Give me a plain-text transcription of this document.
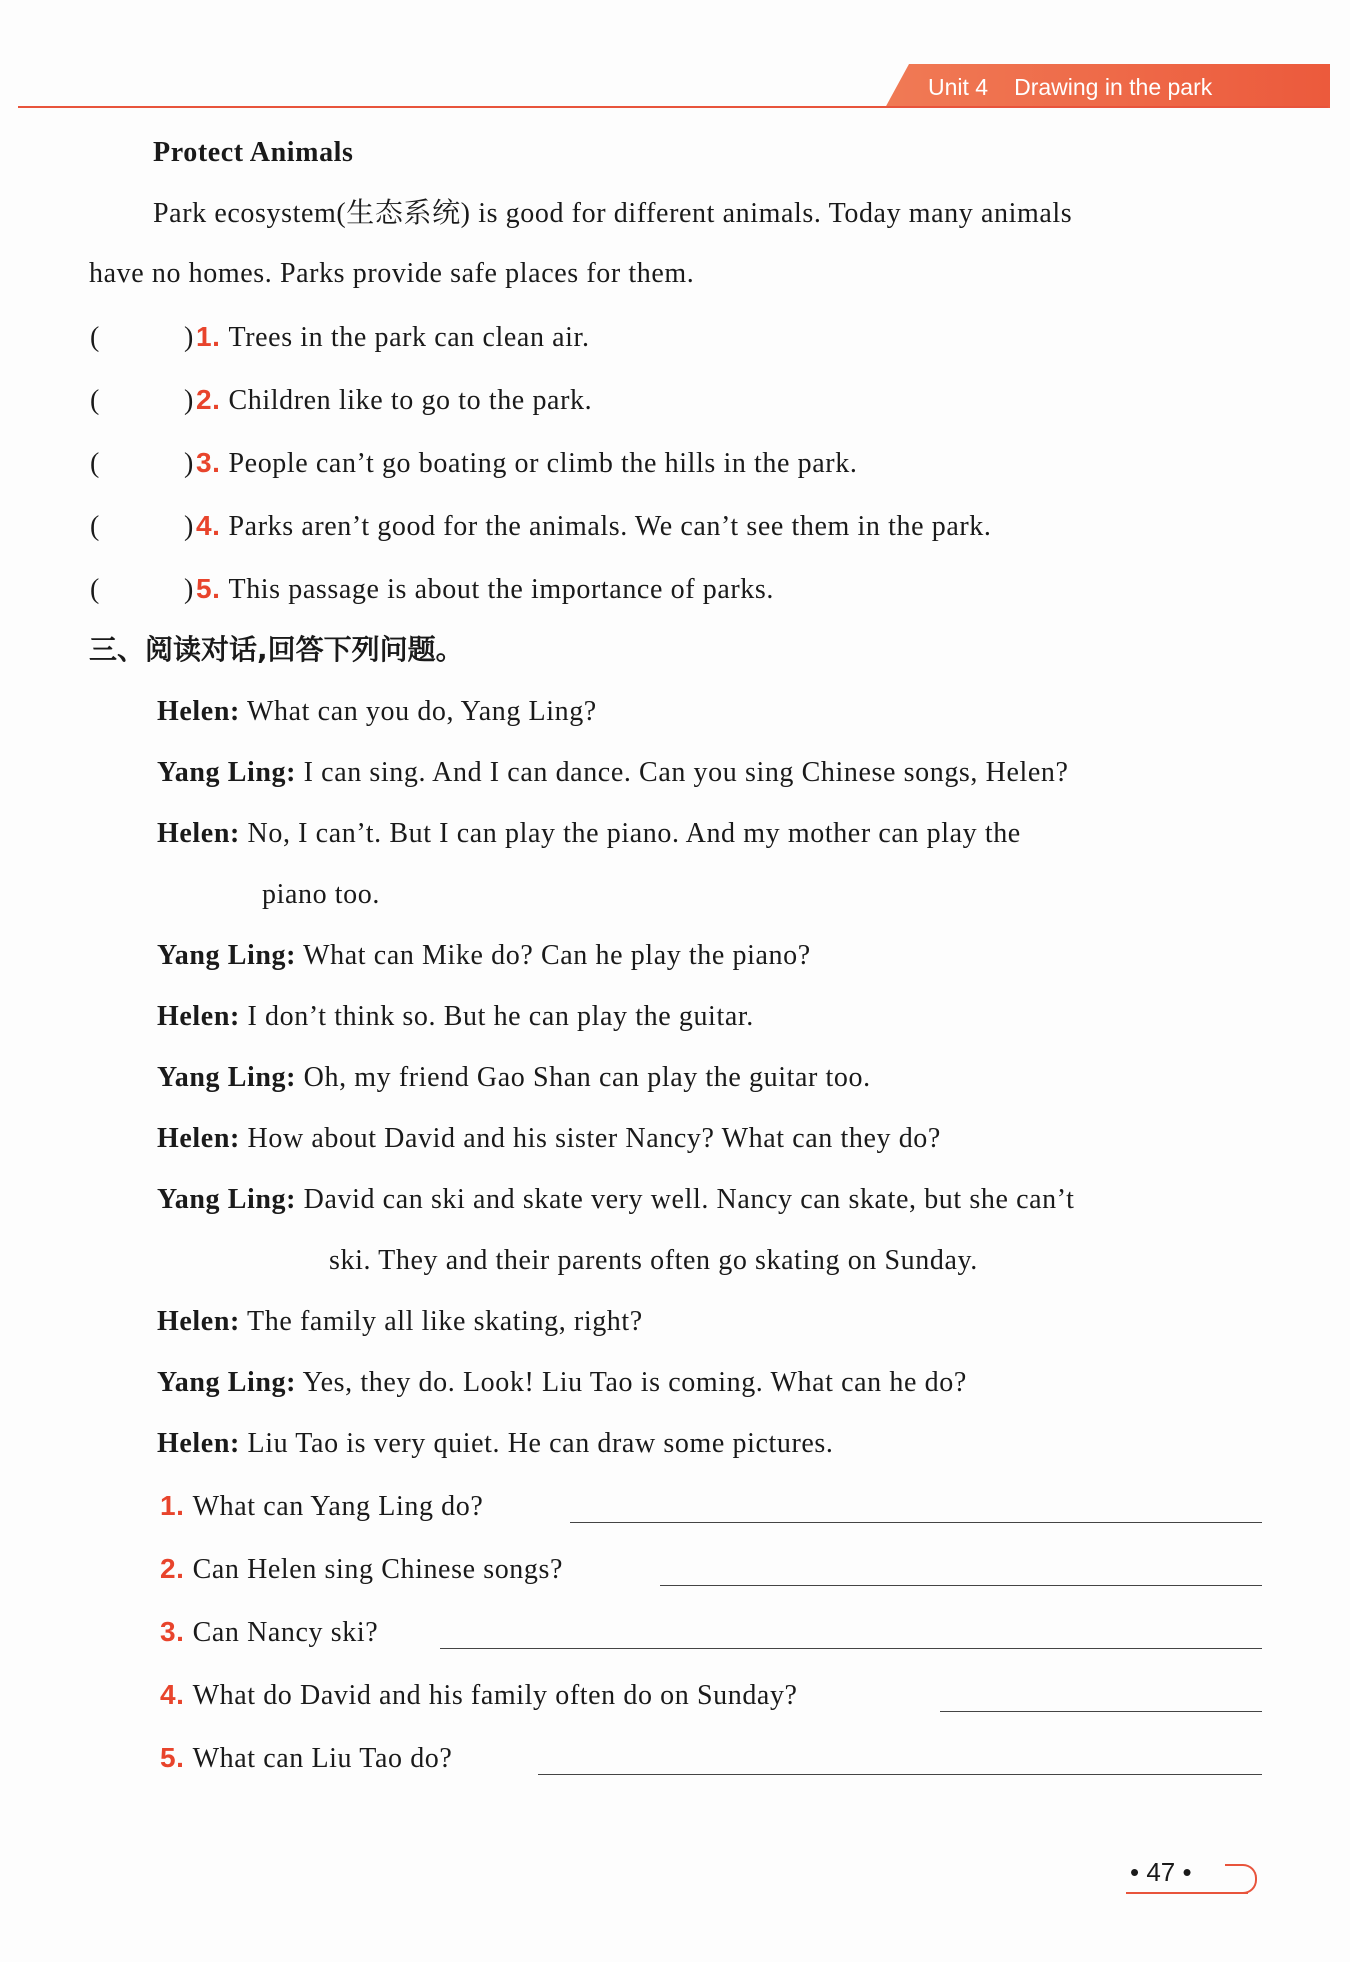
Unit 4 Drawing in the park
Protect Animals
Park ecosystem(生态系统) is good for different animals. Today many animals
have no homes. Parks provide safe places for them.
(	)1. Trees in the park can clean air.
(	)2. Children like to go to the park.
(	)3. People can’t go boating or climb the hills in the park.
(	)4. Parks aren’t good for the animals. We can’t see them in the park.
(	)5. This passage is about the importance of parks.
三、阅读对话,回答下列问题。
Helen: What can you do, Yang Ling?
Yang Ling: I can sing. And I can dance. Can you sing Chinese songs, Helen?
Helen: No, I can’t. But I can play the piano. And my mother can play the
piano too.
Yang Ling: What can Mike do? Can he play the piano?
Helen: I don’t think so. But he can play the guitar.
Yang Ling: Oh, my friend Gao Shan can play the guitar too.
Helen: How about David and his sister Nancy? What can they do?
Yang Ling: David can ski and skate very well. Nancy can skate, but she can’t
ski. They and their parents often go skating on Sunday.
Helen: The family all like skating, right?
Yang Ling: Yes, they do. Look! Liu Tao is coming. What can he do?
Helen: Liu Tao is very quiet. He can draw some pictures.
1. What can Yang Ling do?
2. Can Helen sing Chinese songs?
3. Can Nancy ski?
4. What do David and his family often do on Sunday?
5. What can Liu Tao do?
• 47 •
